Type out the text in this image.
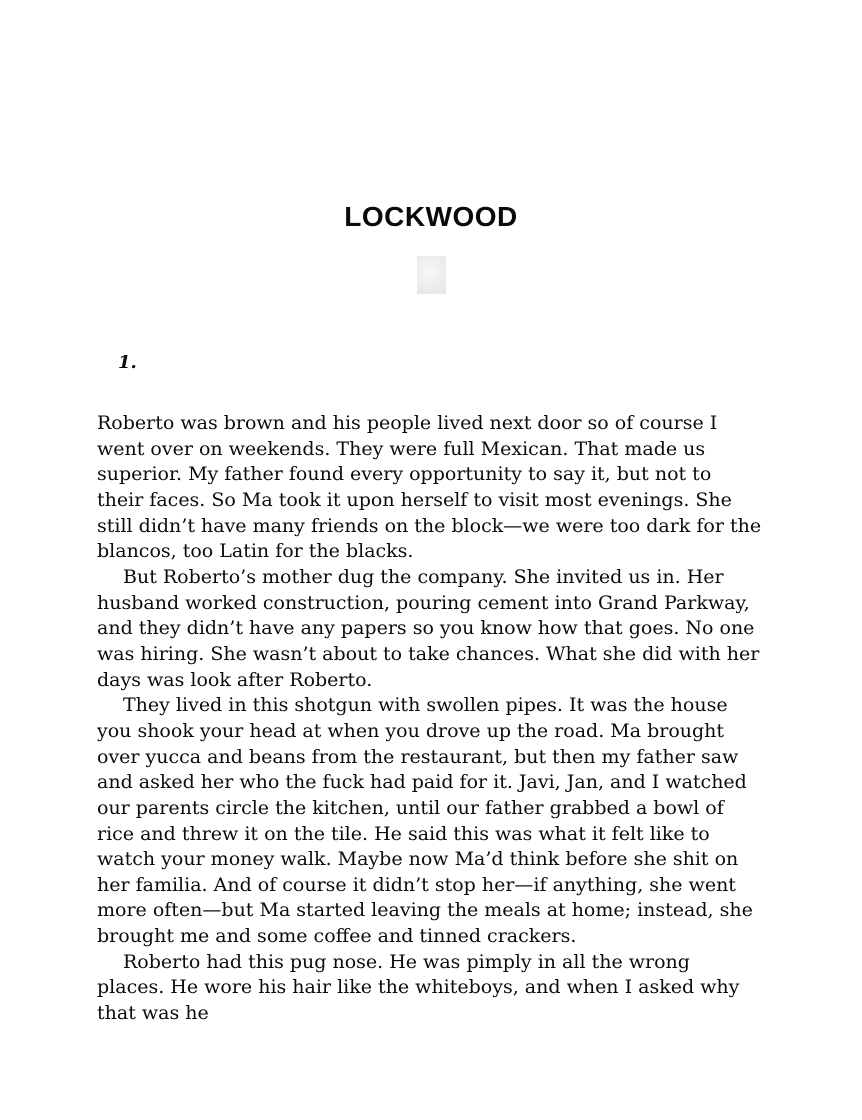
LOCKWOOD
1.

Roberto was brown and his people lived next door so of course I went over on weekends. They were full Mexican. That made us superior. My father found every opportunity to say it, but not to their faces. So Ma took it upon herself to visit most evenings. She still didn’t have many friends on the block—we were too dark for the blancos, too Latin for the blacks.

But Roberto’s mother dug the company. She invited us in. Her husband worked construction, pouring cement into Grand Parkway, and they didn’t have any papers so you know how that goes. No one was hiring. She wasn’t about to take chances. What she did with her days was look after Roberto.

They lived in this shotgun with swollen pipes. It was the house you shook your head at when you drove up the road. Ma brought over yucca and beans from the restaurant, but then my father saw and asked her who the fuck had paid for it. Javi, Jan, and I watched our parents circle the kitchen, until our father grabbed a bowl of rice and threw it on the tile. He said this was what it felt like to watch your money walk. Maybe now Ma’d think before she shit on her familia. And of course it didn’t stop her—if anything, she went more often—but Ma started leaving the meals at home; instead, she brought me and some coffee and tinned crackers.

Roberto had this pug nose. He was pimply in all the wrong places. He wore his hair like the whiteboys, and when I asked why that was he
